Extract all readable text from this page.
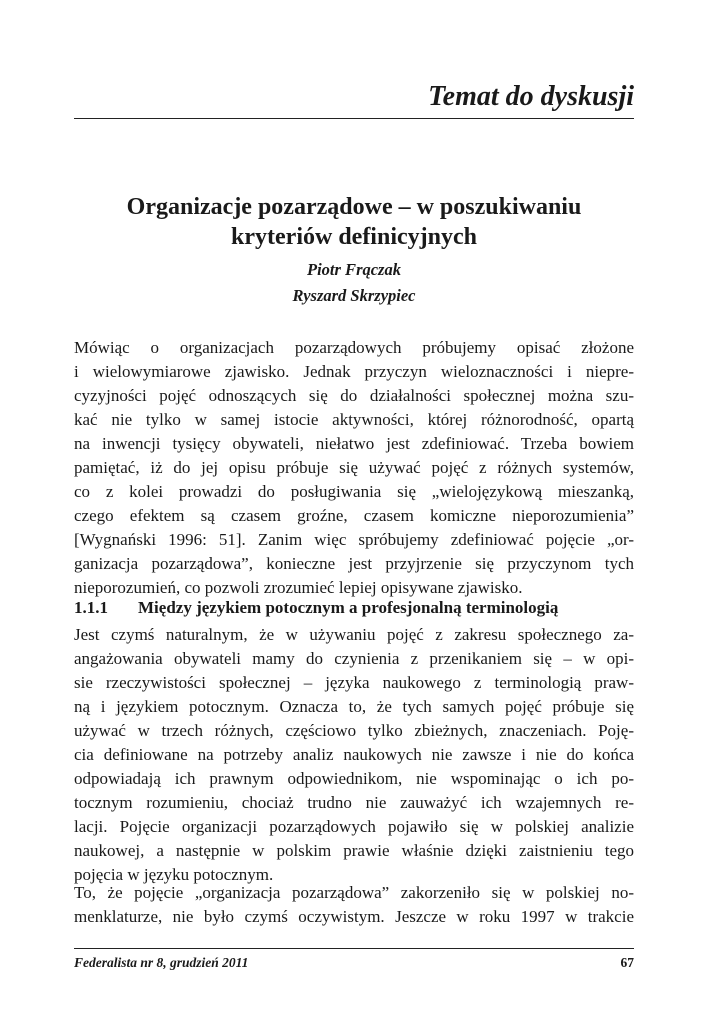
Temat do dyskusji
Organizacje pozarządowe – w poszukiwaniu
kryteriów definicyjnych
Piotr Frączak
Ryszard Skrzypiec
Mówiąc o organizacjach pozarządowych próbujemy opisać złożone
i wielowymiarowe zjawisko. Jednak przyczyn wieloznaczności i niepre-
cyzyjności pojęć odnoszących się do działalności społecznej można szu-
kać nie tylko w samej istocie aktywności, której różnorodność, opartą
na inwencji tysięcy obywateli, niełatwo jest zdefiniować. Trzeba bowiem
pamiętać, iż do jej opisu próbuje się używać pojęć z różnych systemów,
co z kolei prowadzi do posługiwania się „wielojęzykową mieszanką,
czego efektem są czasem groźne, czasem komiczne nieporozumienia”
[Wygnański 1996: 51]. Zanim więc spróbujemy zdefiniować pojęcie „or-
ganizacja pozarządowa”, konieczne jest przyjrzenie się przyczynom tych
nieporozumień, co pozwoli zrozumieć lepiej opisywane zjawisko.
1.1.1 Między językiem potocznym a profesjonalną terminologią
Jest czymś naturalnym, że w używaniu pojęć z zakresu społecznego za-
angażowania obywateli mamy do czynienia z przenikaniem się – w opi-
sie rzeczywistości społecznej – języka naukowego z terminologią praw-
ną i językiem potocznym. Oznacza to, że tych samych pojęć próbuje się
używać w trzech różnych, częściowo tylko zbieżnych, znaczeniach. Poję-
cia definiowane na potrzeby analiz naukowych nie zawsze i nie do końca
odpowiadają ich prawnym odpowiednikom, nie wspominając o ich po-
tocznym rozumieniu, chociaż trudno nie zauważyć ich wzajemnych re-
lacji. Pojęcie organizacji pozarządowych pojawiło się w polskiej analizie
naukowej, a następnie w polskim prawie właśnie dzięki zaistnieniu tego
pojęcia w języku potocznym.
To, że pojęcie „organizacja pozarządowa” zakorzeniło się w polskiej no-
menklaturze, nie było czymś oczywistym. Jeszcze w roku 1997 w trakcie
Federalista nr 8, grudzień 2011	67
